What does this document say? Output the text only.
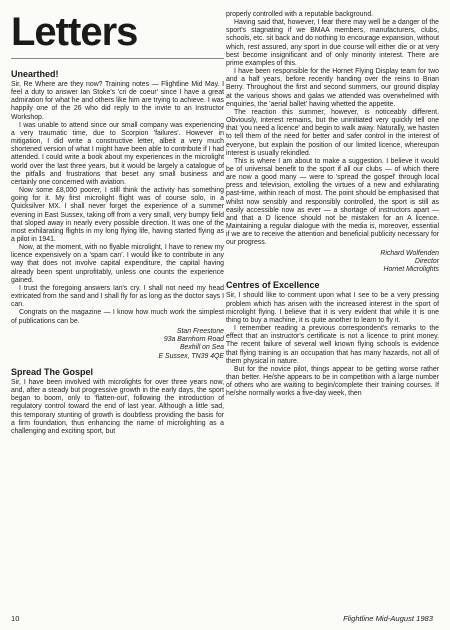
Letters
Unearthed!

Sir, Re Where are they now? Training notes — Flightline Mid May. I feel a duty to answer Ian Stoke's 'cri de coeur' since I have a great admiration for what he and others like him are trying to achieve. I was happily one of the 26 who did reply to the invite to an Instructor Workshop.

I was unable to attend since our small company was experiencing a very traumatic time, due to Scorpion 'failures'. However in mitigation, I did write a constructive letter, albeit a very much shortened version of what I might have been able to contribute if I had attended. I could write a book about my experiences in the microlight world over the last three years, but it would be largely a catalogue of the pitfalls and frustrations that beset any small business and certainly one concerned with aviation.

Now some £8,000 poorer, I still think the activity has something going for it. My first microlight flight was of course solo, in a Quicksilver MX. I shall never forget the experience of a summer evening in East Sussex, taking off from a very small, very bumpy field that sloped away in nearly every possible direction. It was one of the most exhilarating flights in my long flying life, having started flying as a pilot in 1941.

Now, at the moment, with no flyable microlight, I have to renew my licence expensively on a 'spam can'. I would like to contribute in any way that does not involve capital expenditure, the capital having already been spent unprofitably, unless one counts the experience gained.

I trust the foregoing answers Ian's cry. I shall not need my head extricated from the sand and I shall fly for as long as the doctor says I can.

Congrats on the magazine — I know how much work the simplest of publications can be.

Stan Freestone
93a Barnhorn Road
Bexhill on Sea
E Sussex, TN39 4QE
Spread The Gospel

Sir, I have been involved with microlights for over three years now, and, after a steady but progressive growth in the early days, the sport began to boom, only to 'flatten-out', following the introduction of regulatory control toward the end of last year. Although a little sad, this temporary stunting of growth is doubtless providing the basis for a firm foundation, thus enhancing the name of microlighting as a challenging and exciting sport, but

properly controlled with a reputable background.

Having said that, however, I fear there may well be a danger of the sport's stagnating if we BMAA members, manufacturers, clubs, schools, etc. sit back and do nothing to encourage expansion, without which, rest assured, any sport in due course will either die or at very best become insignificant and of only minority interest. There are prime examples of this.

I have been responsible for the Hornet Flying Display team for two and a half years, before recently handing over the reins to Brian Berry. Throughout the first and second summers, our ground display at the various shows and galas we attended was overwhelmed with enquiries, the 'aerial ballet' having whetted the appetite.

The reaction this summer, however, is noticeably different. Obviously, interest remains, but the uninitiated very quickly tell one that 'you need a licence' and begin to walk away. Naturally, we hasten to tell them of the need for better and safer control in the interest of everyone, but explain the position of our limited licence, whereupon interest is usually rekindled.

This is where I am about to make a suggestion. I believe it would be of universal benefit to the sport if all our clubs — of which there are now a good many — were to 'spread the gospel' through local press and television, extolling the virtues of a new and exhilarating past-time, within reach of most. The point should be emphasised that whilst now sensibly and responsibly controlled, the sport is still as easily accessible now as ever — a shortage of instructors apart — and that a D licence should not be mistaken for an A licence. Maintaining a regular dialogue with the media is, moreover, essential if we are to receive the attention and beneficial publicity necessary for our progress.

Richard Wolfenden
Director
Hornet Microlights
Centres of Excellence

Sir, I should like to comment upon what I see to be a very pressing problem which has arisen with the increased interest in the sport of microlight flying. I believe that it is very evident that while it is one thing to buy a machine, it is quite another to learn to fly it.

I remember reading a previous correspondent's remarks to the effect that an instructor's certificate is not a licence to print money. The recent failure of several well known flying schools is evidence that flying training is an occupation that has many hazards, not all of them physical in nature.

But for the novice pilot, things appear to be getting worse rather than better. He/she appears to be in competition with a large number of others who are waiting to begin/complete their training courses. If he/she normally works a five-day week, then

10	Flightline Mid-August 1983
